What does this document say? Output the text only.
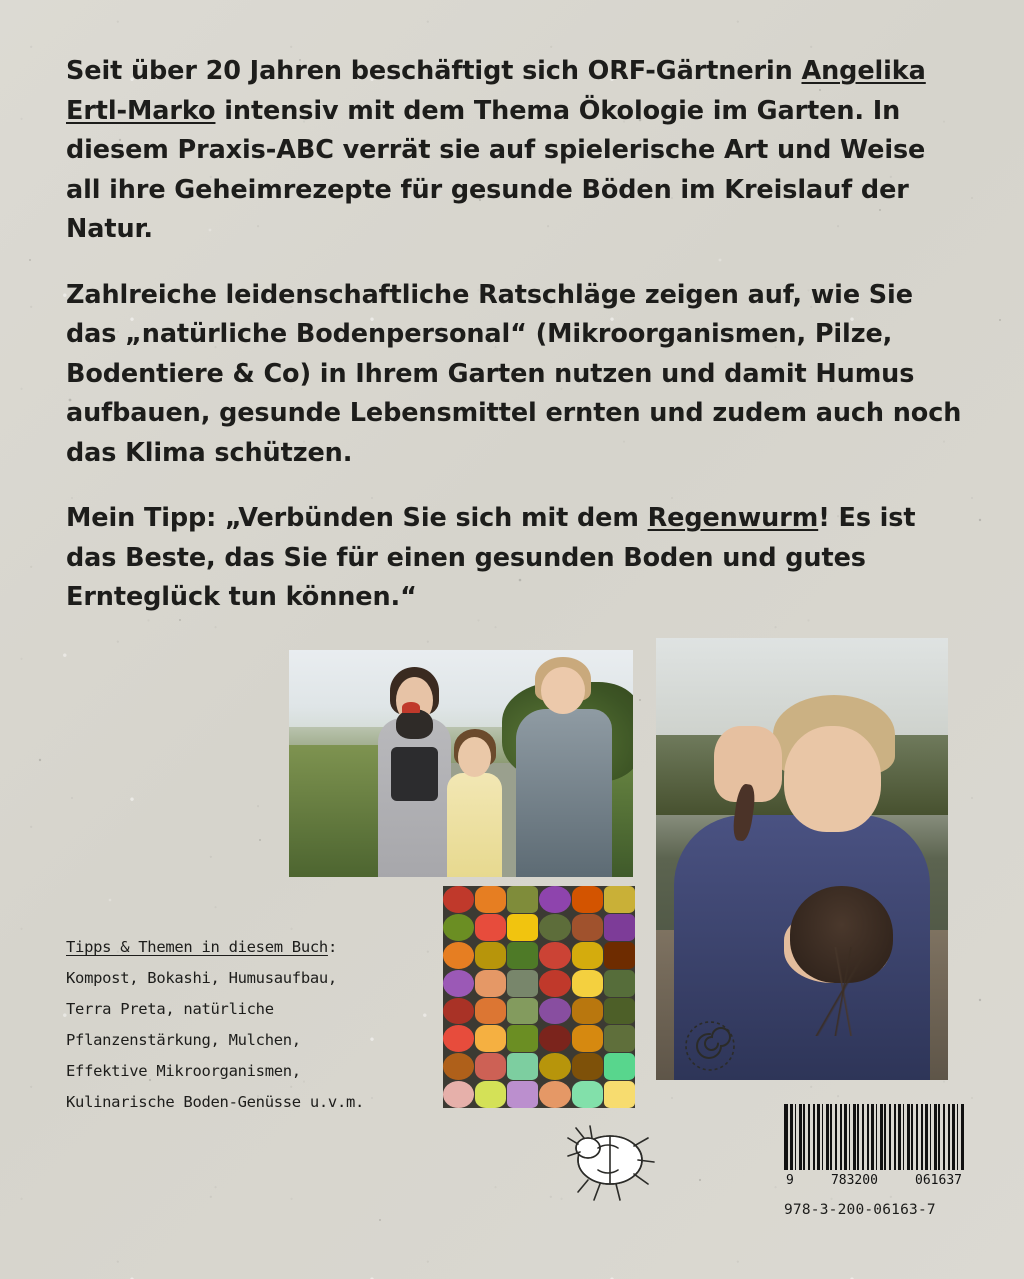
Seit über 20 Jahren beschäftigt sich ORF-Gärtnerin Angelika Ertl-Marko intensiv mit dem Thema Ökologie im Garten. In diesem Praxis-ABC verrät sie auf spielerische Art und Weise all ihre Geheimrezepte für gesunde Böden im Kreislauf der Natur.

Zahlreiche leidenschaftliche Ratschläge zeigen auf, wie Sie das „natürliche Bodenpersonal“ (Mikroorganismen, Pilze, Bodentiere & Co) in Ihrem Garten nutzen und damit Humus aufbauen, gesunde Lebensmittel ernten und zudem auch noch das Klima schützen.

Mein Tipp: „Verbünden Sie sich mit dem Regenwurm! Es ist das Beste, das Sie für einen gesunden Boden und gutes Ernteglück tun können.“

Tipps & Themen in diesem Buch: Kompost, Bokashi, Humusaufbau, Terra Preta, natürliche Pflanzenstärkung, Mulchen, Effektive Mikroorganismen, Kulinarische Boden-Genüsse u.v.m.
9	783200	061637
978-3-200-06163-7
